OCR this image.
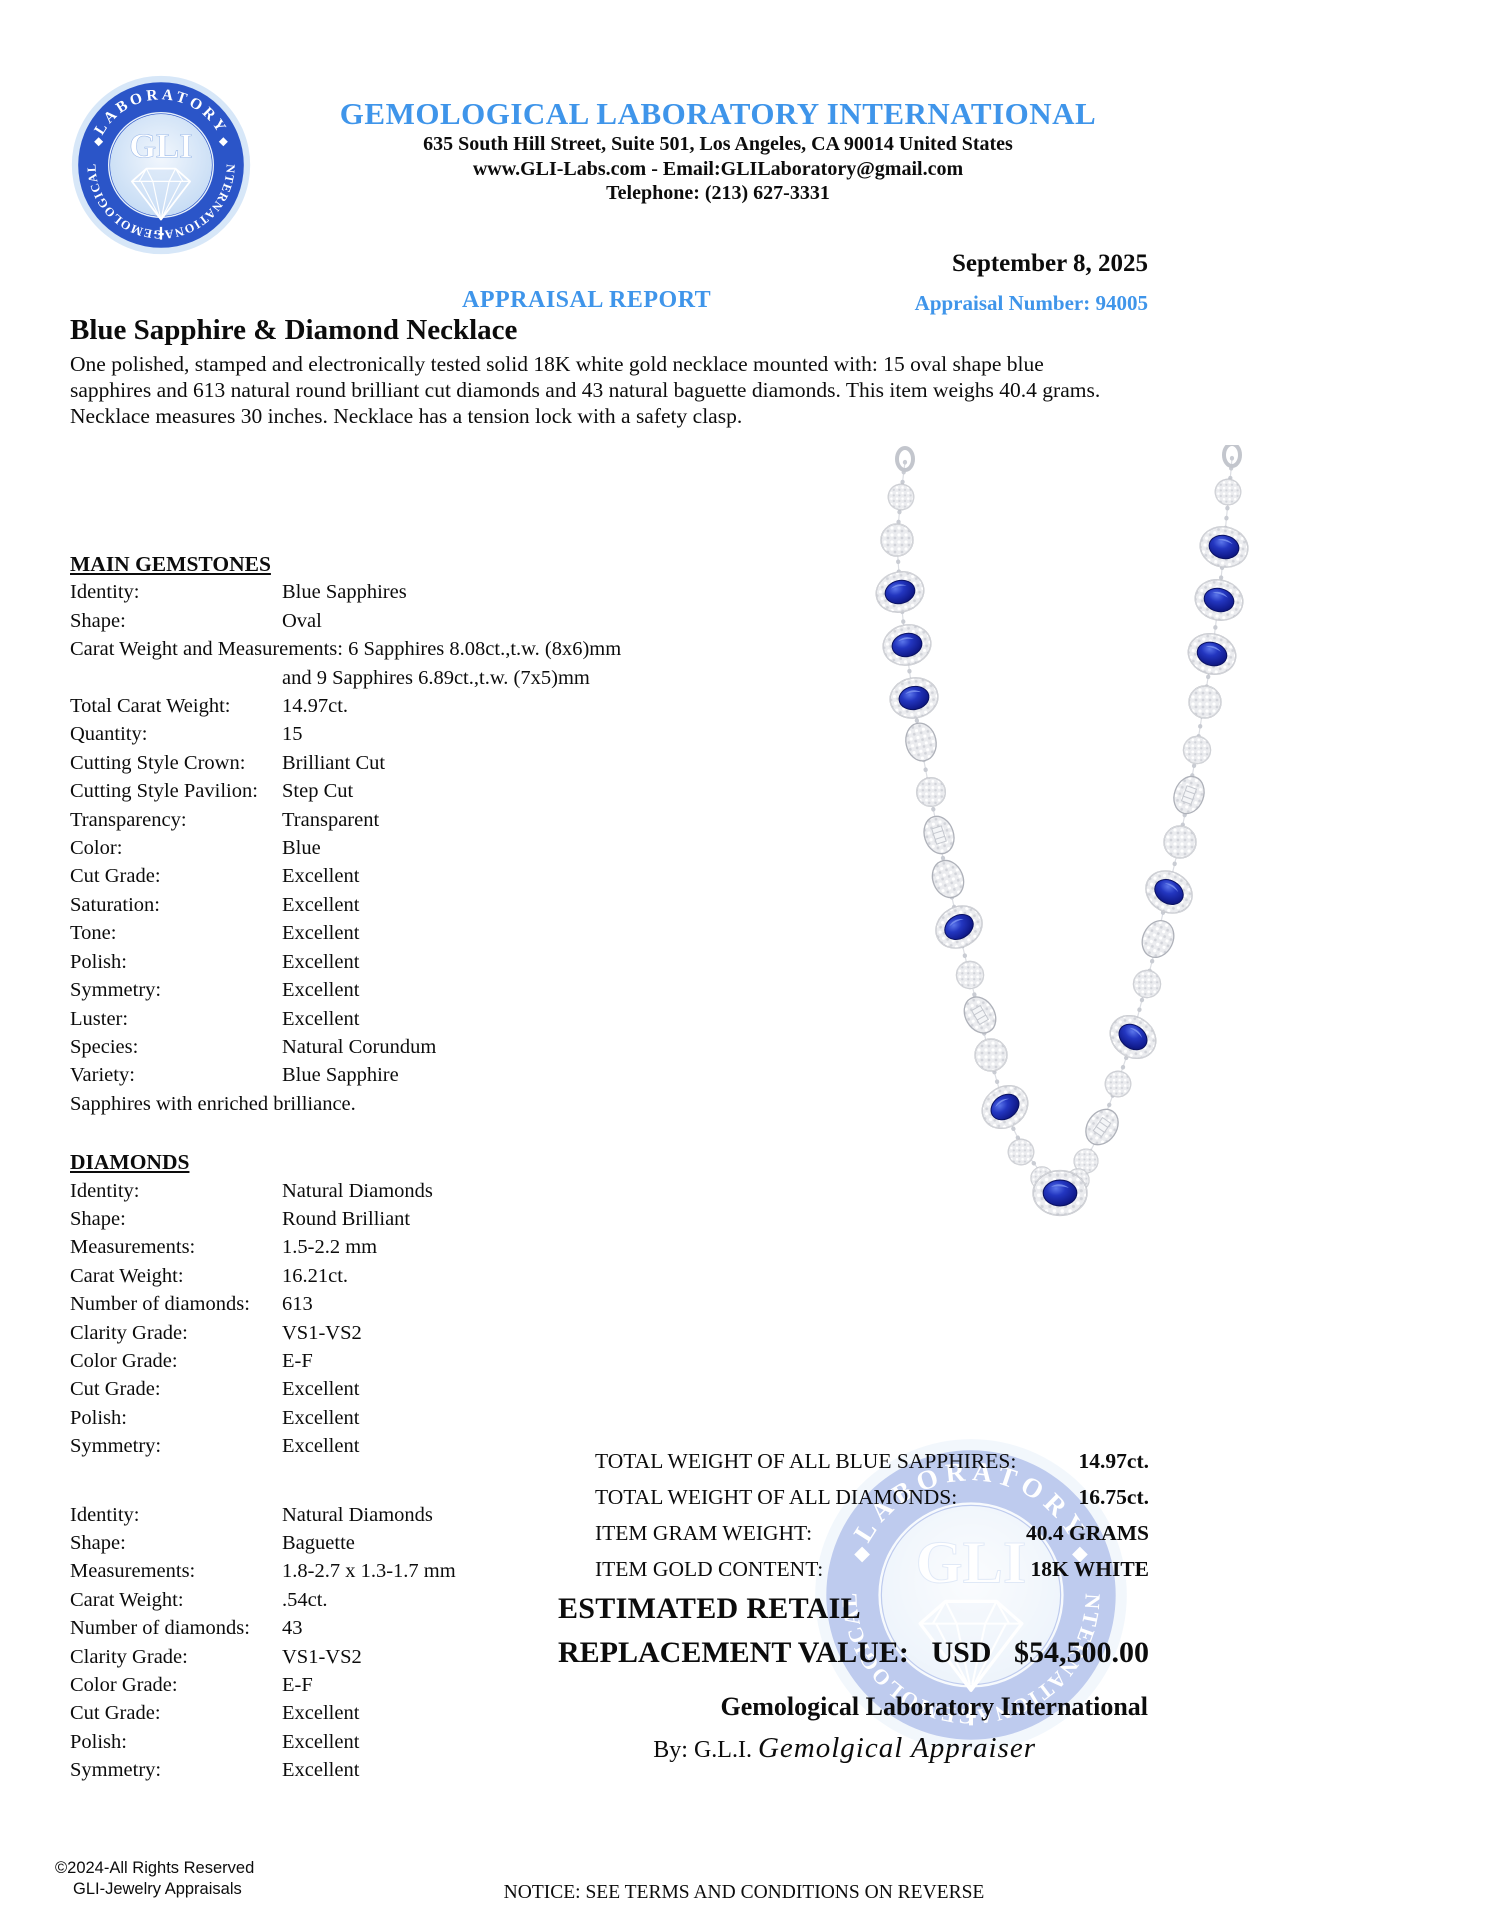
GEMOLOGICAL LABORATORY INTERNATIONAL
635 South Hill Street, Suite 501, Los Angeles, CA 90014 United States
www.GLI-Labs.com - Email:GLILaboratory@gmail.com
Telephone: (213) 627-3331
September 8, 2025
APPRAISAL REPORT	Appraisal Number: 94005
Blue Sapphire & Diamond Necklace
One polished, stamped and electronically tested solid 18K white gold necklace mounted with: 15 oval shape blue sapphires and 613 natural round brilliant cut diamonds and 43 natural baguette diamonds. This item weighs 40.4 grams. Necklace measures 30 inches. Necklace has a tension lock with a safety clasp.
MAIN GEMSTONES
Identity:	Blue Sapphires
Shape:	Oval
Carat Weight and Measurements: 6 Sapphires 8.08ct.,t.w. (8x6)mm
and 9 Sapphires 6.89ct.,t.w. (7x5)mm
Total Carat Weight:	14.97ct.
Quantity:	15
Cutting Style Crown: Brilliant Cut
Cutting Style Pavilion: Step Cut
Transparency:	Transparent
Color:	Blue
Cut Grade:	Excellent
Saturation:	Excellent
Tone:	Excellent
Polish:	Excellent
Symmetry:	Excellent
Luster:	Excellent
Species:	Natural Corundum
Variety:	Blue Sapphire
Sapphires with enriched brilliance.
DIAMONDS
Identity:	Natural Diamonds
Shape:	Round Brilliant
Measurements:	1.5-2.2 mm
Carat Weight:	16.21ct.
Number of diamonds: 613
Clarity Grade:	VS1-VS2
Color Grade:	E-F
Cut Grade:	Excellent
Polish:	Excellent
Symmetry:	Excellent
Identity:	Natural Diamonds
Shape:	Baguette
Measurements:	1.8-2.7 x 1.3-1.7 mm
Carat Weight:	.54ct.
Number of diamonds: 43
Clarity Grade:	VS1-VS2
Color Grade:	E-F
Cut Grade:	Excellent
Polish:	Excellent
Symmetry:	Excellent
TOTAL WEIGHT OF ALL BLUE SAPPHIRES:	14.97ct.
TOTAL WEIGHT OF ALL DIAMONDS:	16.75ct.
ITEM GRAM WEIGHT:	40.4 GRAMS
ITEM GOLD CONTENT:	18K WHITE
ESTIMATED RETAIL
REPLACEMENT VALUE: USD $54,500.00
Gemological Laboratory International
By: G.L.I. Gemolgical Appraiser
©2024-All Rights Reserved
GLI-Jewelry Appraisals	NOTICE: SEE TERMS AND CONDITIONS ON REVERSE
